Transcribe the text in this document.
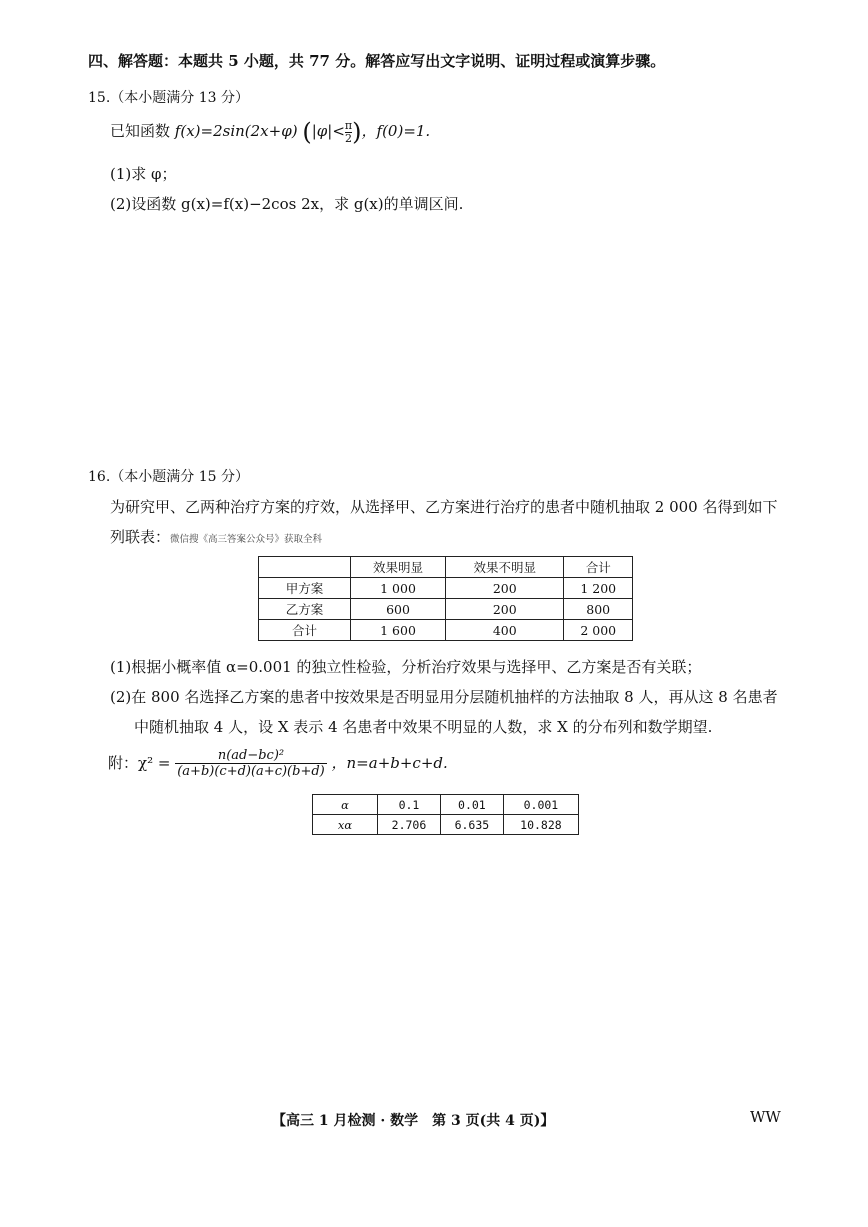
四、解答题：本题共 5 小题，共 77 分。解答应写出文字说明、证明过程或演算步骤。
15.（本小题满分 13 分）
已知函数 f(x)=2sin(2x+φ) ($|\varphi|< \frac{\pi}{2}$ )，f(0)=1.
(1)求 φ；
(2)设函数 g(x)=f(x)−2cos 2x，求 g(x)的单调区间.
16.（本小题满分 15 分）
为研究甲、乙两种治疗方案的疗效，从选择甲、乙方案进行治疗的患者中随机抽取 2 000 名得到如下
列联表：微信搜《高三答案公众号》获取全科
	效果明显	效果不明显	合计
甲方案	1 000	200	1 200
乙方案	600	200	800
合计	1 600	400	2 000
(1)根据小概率值 α=0.001 的独立性检验，分析治疗效果与选择甲、乙方案是否有关联；
(2)在 800 名选择乙方案的患者中按效果是否明显用分层随机抽样的方法抽取 8 人，再从这 8 名患者
中随机抽取 4 人，设 X 表示 4 名患者中效果不明显的人数，求 X 的分布列和数学期望.
附：$\chi^2 = \frac{\text{n(ad−bc)²}}{(a+b)(c+d)(a+c)(b+d)}$ ，n=a+b+c+d.
α	0.1	0.01	0.001
xα	2.706	6.635	10.828
【高三 1 月检测 · 数学　第 3 页(共 4 页)】	WW
